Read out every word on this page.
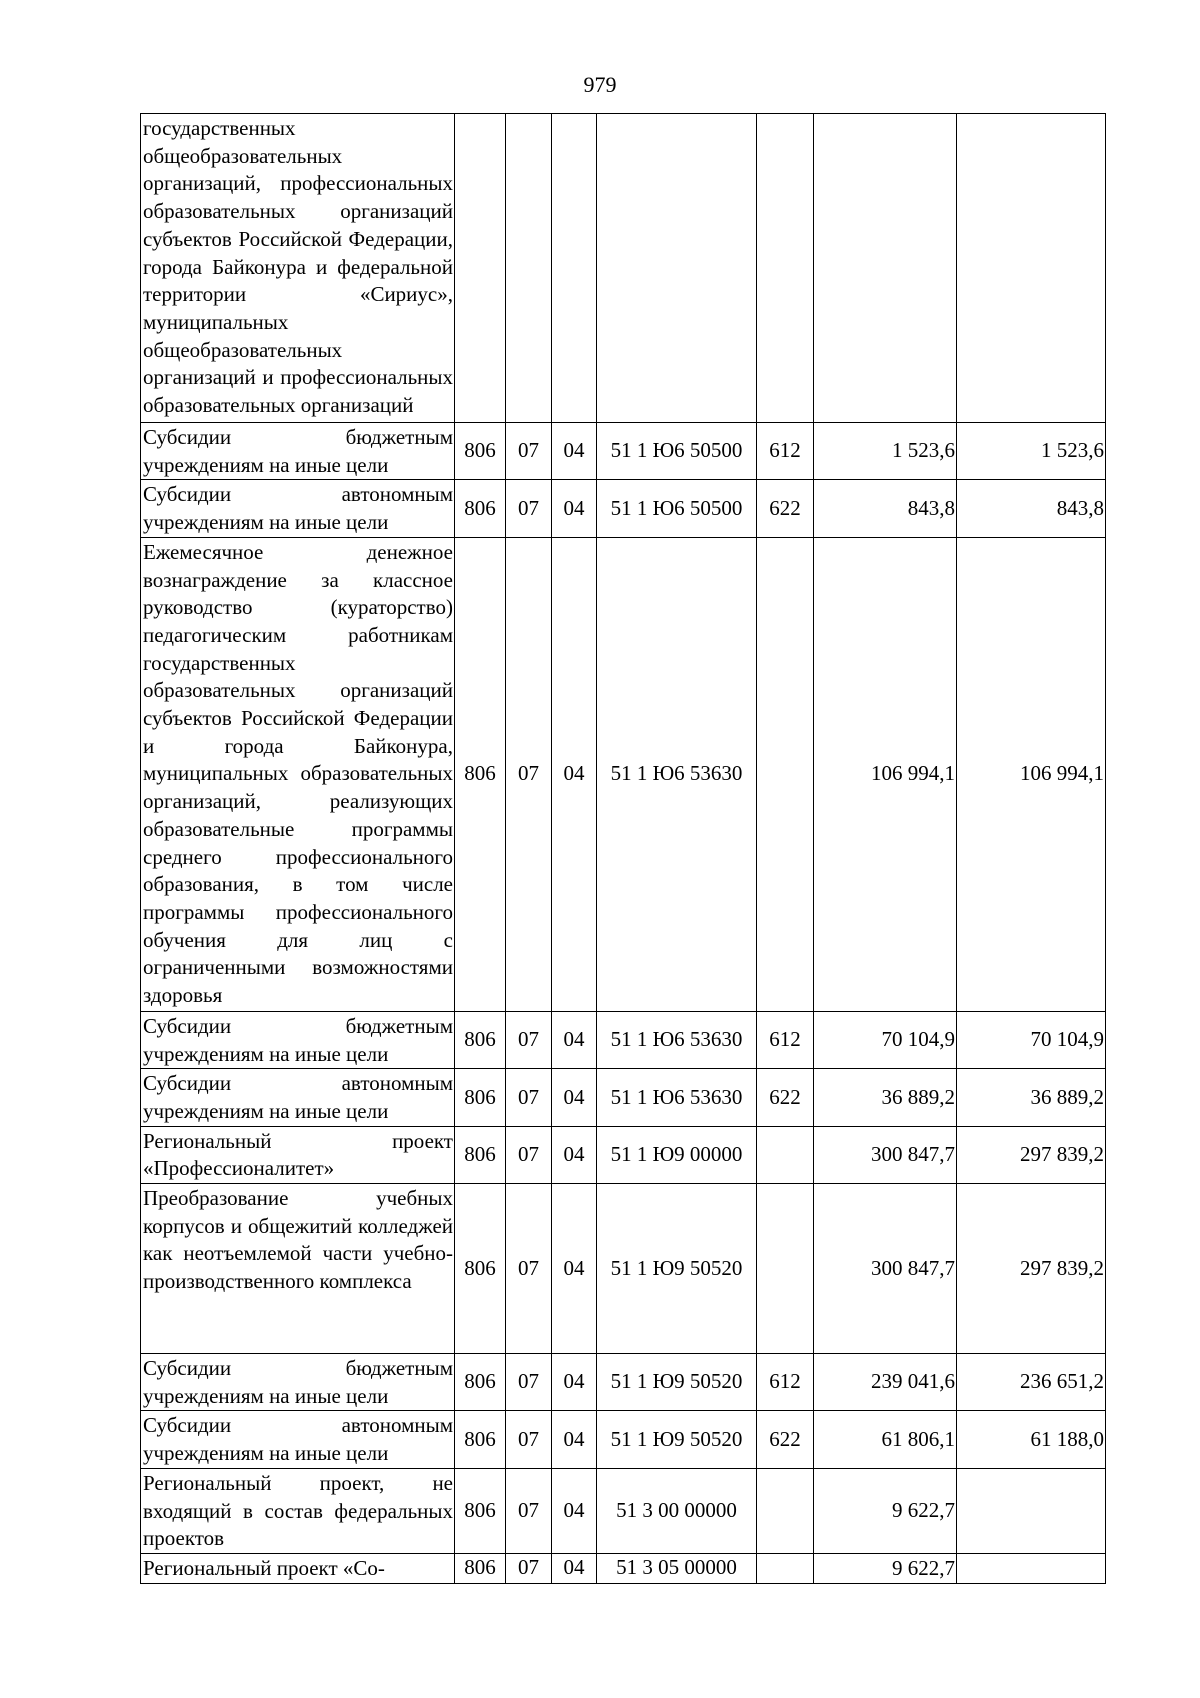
979
государственных общеобразовательных организаций, профессиональных образовательных организаций субъектов Российской Федерации, города Байконура и федеральной территории «Сириус», муниципальных общеобразовательных организаций и профессиональных образовательных организаций							
Субсидии бюджетным учреждениям на иные цели	806	07	04	51 1 Ю6 50500	612	1 523,6	1 523,6
Субсидии автономным учреждениям на иные цели	806	07	04	51 1 Ю6 50500	622	843,8	843,8
Ежемесячное денежное вознаграждение за классное руководство (кураторство) педагогическим работникам государственных образовательных организаций субъектов Российской Федерации и города Байконура, муниципальных образовательных организаций, реализующих образовательные программы среднего профессионального образования, в том числе программы профессионального обучения для лиц с ограниченными возможностями здоровья	806	07	04	51 1 Ю6 53630		106 994,1	106 994,1
Субсидии бюджетным учреждениям на иные цели	806	07	04	51 1 Ю6 53630	612	70 104,9	70 104,9
Субсидии автономным учреждениям на иные цели	806	07	04	51 1 Ю6 53630	622	36 889,2	36 889,2
Региональный проект «Профессионалитет»	806	07	04	51 1 Ю9 00000		300 847,7	297 839,2
Преобразование учебных корпусов и общежитий колледжей как неотъемлемой части учебно-производственного комплекса	806	07	04	51 1 Ю9 50520		300 847,7	297 839,2
Субсидии бюджетным учреждениям на иные цели	806	07	04	51 1 Ю9 50520	612	239 041,6	236 651,2
Субсидии автономным учреждениям на иные цели	806	07	04	51 1 Ю9 50520	622	61 806,1	61 188,0
Региональный проект, не входящий в состав федеральных проектов	806	07	04	51 3 00 00000		9 622,7	
Региональный проект «Со-	806	07	04	51 3 05 00000		9 622,7	
